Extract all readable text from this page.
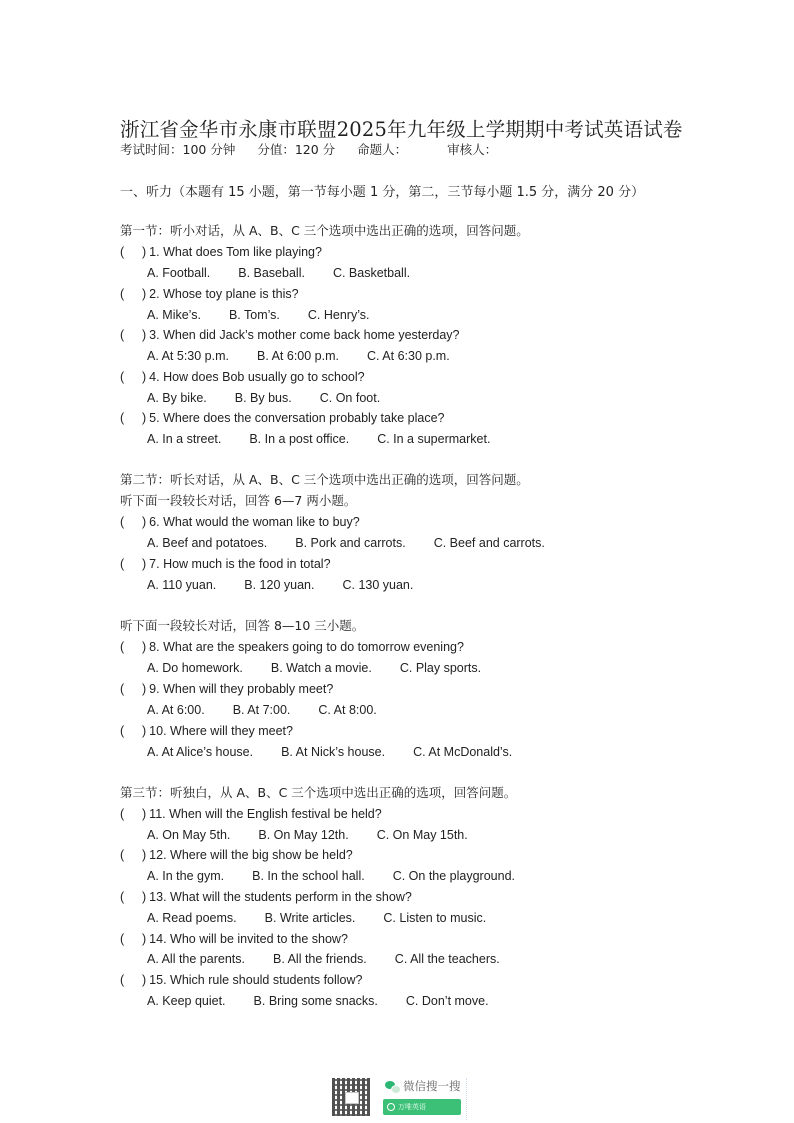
浙江省金华市永康市联盟2025年九年级上学期期中考试英语试卷
考试时间：100 分钟 分值：120 分 命题人：	审核人：
一、听力（本题有 15 小题，第一节每小题 1 分，第二，三节每小题 1.5 分，满分 20 分）
第一节：听小对话，从 A、B、C 三个选项中选出正确的选项，回答问题。
( ) 1. What does Tom like playing?
A. Football. B. Baseball. C. Basketball.
( ) 2. Whose toy plane is this?
A. Mike’s. B. Tom’s. C. Henry’s.
( ) 3. When did Jack’s mother come back home yesterday?
A. At 5:30 p.m. B. At 6:00 p.m. C. At 6:30 p.m.
( ) 4. How does Bob usually go to school?
A. By bike. B. By bus. C. On foot.
( ) 5. Where does the conversation probably take place?
A. In a street. B. In a post office. C. In a supermarket.
第二节：听长对话，从 A、B、C 三个选项中选出正确的选项，回答问题。
听下面一段较长对话，回答 6—7 两小题。
( ) 6. What would the woman like to buy?
A. Beef and potatoes. B. Pork and carrots. C. Beef and carrots.
( ) 7. How much is the food in total?
A. 110 yuan. B. 120 yuan. C. 130 yuan.
听下面一段较长对话，回答 8—10 三小题。
( ) 8. What are the speakers going to do tomorrow evening?
A. Do homework. B. Watch a movie. C. Play sports.
( ) 9. When will they probably meet?
A. At 6:00. B. At 7:00. C. At 8:00.
( ) 10. Where will they meet?
A. At Alice’s house. B. At Nick’s house. C. At McDonald’s.
第三节：听独白，从 A、B、C 三个选项中选出正确的选项，回答问题。
( ) 11. When will the English festival be held?
A. On May 5th. B. On May 12th. C. On May 15th.
( ) 12. Where will the big show be held?
A. In the gym. B. In the school hall. C. On the playground.
( ) 13. What will the students perform in the show?
A. Read poems. B. Write articles. C. Listen to music.
( ) 14. Who will be invited to the show?
A. All the parents. B. All the friends. C. All the teachers.
( ) 15. Which rule should students follow?
A. Keep quiet. B. Bring some snacks. C. Don’t move.
微信搜一搜
万唯英语
